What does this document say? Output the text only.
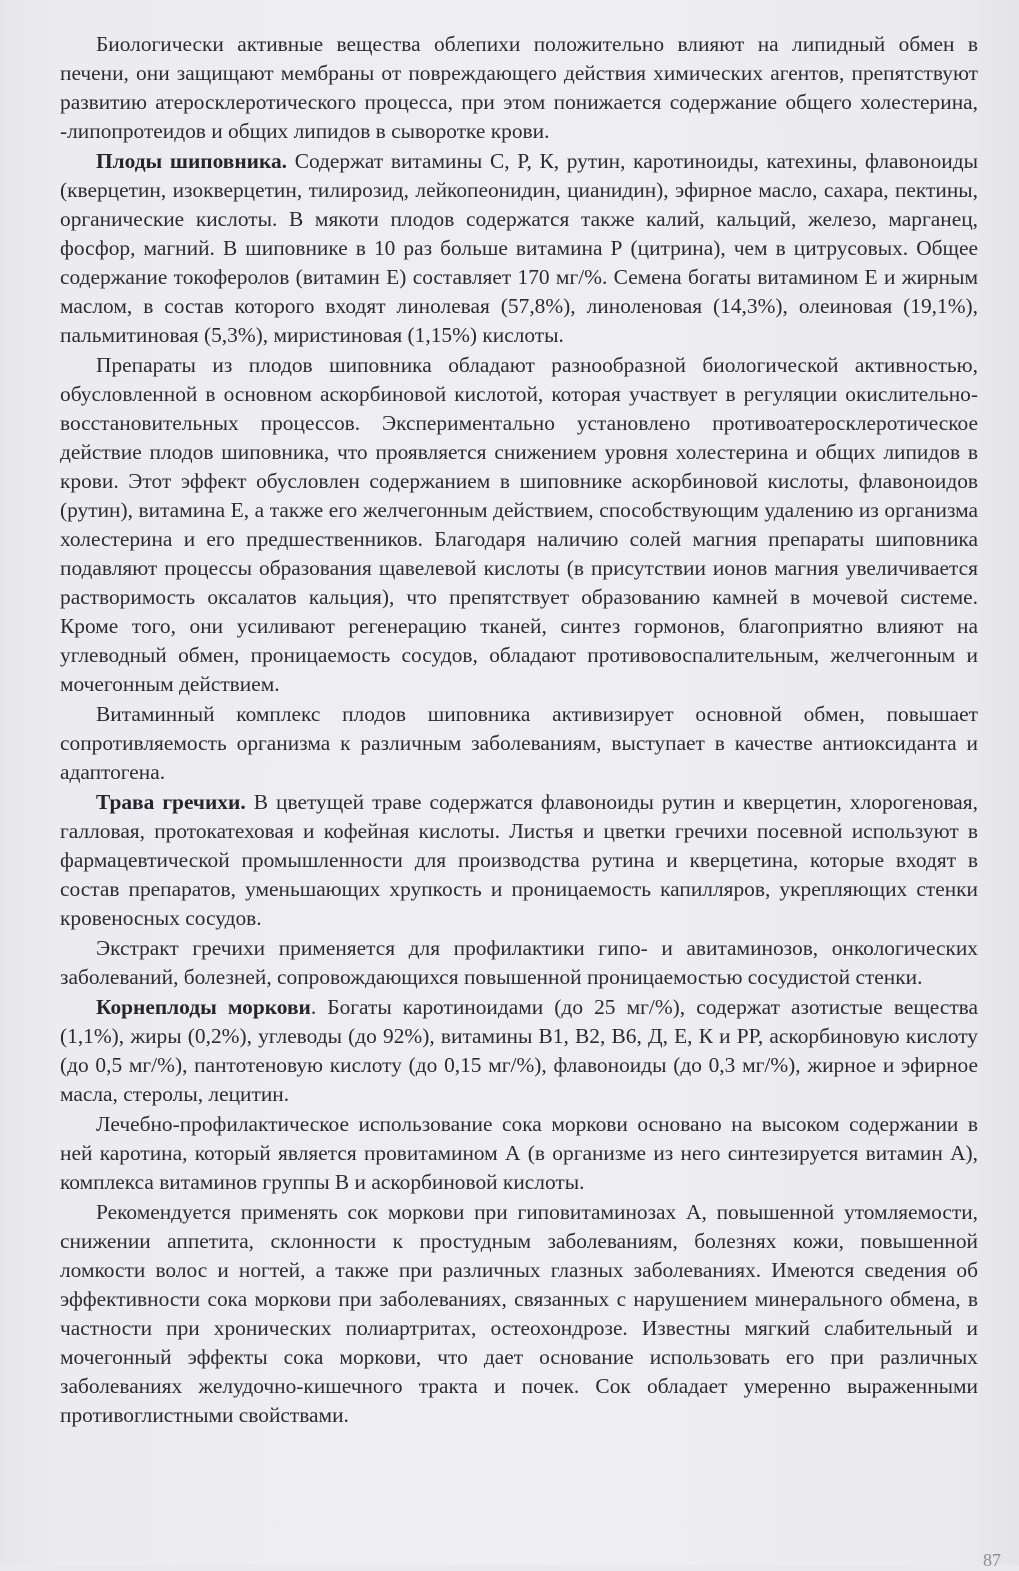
Биологически активные вещества облепихи положительно влияют на липидный обмен в печени, они защищают мембраны от повреждающего действия химических агентов, препятствуют развитию атеросклеротического процесса, при этом понижается содержание общего холестерина, -липопротеидов и общих липидов в сыворотке крови.

Плоды шиповника. Содержат витамины С, Р, К, рутин, каротиноиды, катехины, флавоноиды (кверцетин, изокверцетин, тилирозид, лейкопеонидин, цианидин), эфирное масло, сахара, пектины, органические кислоты. В мякоти плодов содержатся также калий, кальций, железо, марганец, фосфор, магний. В шиповнике в 10 раз больше витамина Р (цитрина), чем в цитрусовых. Общее содержание токоферолов (витамин Е) составляет 170 мг/%. Семена богаты витамином Е и жирным маслом, в состав которого входят линолевая (57,8%), линоленовая (14,3%), олеиновая (19,1%), пальмитиновая (5,3%), миристиновая (1,15%) кислоты.

Препараты из плодов шиповника обладают разнообразной биологической активностью, обусловленной в основном аскорбиновой кислотой, которая участвует в регуляции окислительно-восстановительных процессов. Экспериментально установлено противоатеросклеротическое действие плодов шиповника, что проявляется снижением уровня холестерина и общих липидов в крови. Этот эффект обусловлен содержанием в шиповнике аскорбиновой кислоты, флавоноидов (рутин), витамина Е, а также его желчегонным действием, способствующим удалению из организма холестерина и его предшественников. Благодаря наличию солей магния препараты шиповника подавляют процессы образования щавелевой кислоты (в присутствии ионов магния увеличивается растворимость оксалатов кальция), что препятствует образованию камней в мочевой системе. Кроме того, они усиливают регенерацию тканей, синтез гормонов, благоприятно влияют на углеводный обмен, проницаемость сосудов, обладают противовоспалительным, желчегонным и мочегонным действием.

Витаминный комплекс плодов шиповника активизирует основной обмен, повышает сопротивляемость организма к различным заболеваниям, выступает в качестве антиоксиданта и адаптогена.

Трава гречихи. В цветущей траве содержатся флавоноиды рутин и кверцетин, хлорогеновая, галловая, протокатеховая и кофейная кислоты. Листья и цветки гречихи посевной используют в фармацевтической промышленности для производства рутина и кверцетина, которые входят в состав препаратов, уменьшающих хрупкость и проницаемость капилляров, укрепляющих стенки кровеносных сосудов.

Экстракт гречихи применяется для профилактики гипо- и авитаминозов, онкологических заболеваний, болезней, сопровождающихся повышенной проницаемостью сосудистой стенки.

Корнеплоды моркови. Богаты каротиноидами (до 25 мг/%), содержат азотистые вещества (1,1%), жиры (0,2%), углеводы (до 92%), витамины В1, В2, В6, Д, Е, К и РР, аскорбиновую кислоту (до 0,5 мг/%), пантотеновую кислоту (до 0,15 мг/%), флавоноиды (до 0,3 мг/%), жирное и эфирное масла, стеролы, лецитин.

Лечебно-профилактическое использование сока моркови основано на высоком содержании в ней каротина, который является провитамином А (в организме из него синтезируется витамин А), комплекса витаминов группы В и аскорбиновой кислоты.

Рекомендуется применять сок моркови при гиповитаминозах А, повышенной утомляемости, снижении аппетита, склонности к простудным заболеваниям, болезнях кожи, повышенной ломкости волос и ногтей, а также при различных глазных заболеваниях. Имеются сведения об эффективности сока моркови при заболеваниях, связанных с нарушением минерального обмена, в частности при хронических полиартритах, остеохондрозе. Известны мягкий слабительный и мочегонный эффекты сока моркови, что дает основание использовать его при различных заболеваниях желудочно-кишечного тракта и почек. Сок обладает умеренно выраженными противоглистными свойствами.

87
